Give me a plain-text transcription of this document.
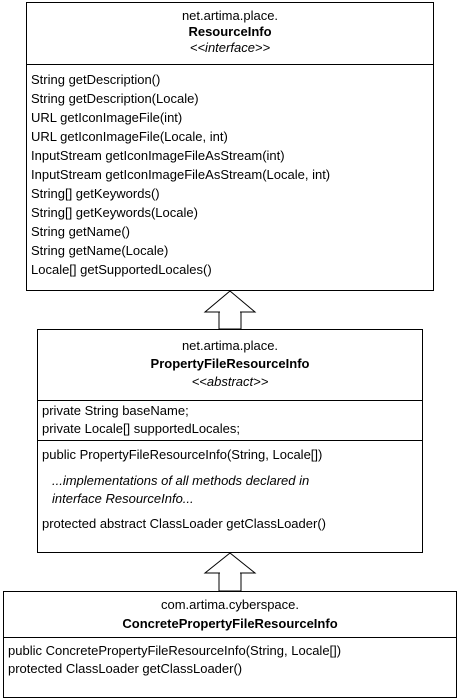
net.artima.place.
ResourceInfo
<<interface>>
String getDescription()
String getDescription(Locale)
URL getIconImageFile(int)
URL getIconImageFile(Locale, int)
InputStream getIconImageFileAsStream(int)
InputStream getIconImageFileAsStream(Locale, int)
String[] getKeywords()
String[] getKeywords(Locale)
String getName()
String getName(Locale)
Locale[] getSupportedLocales()
net.artima.place.
PropertyFileResourceInfo
<<abstract>>
private String baseName;
private Locale[] supportedLocales;
public PropertyFileResourceInfo(String, Locale[])
...implementations of all methods declared in
interface ResourceInfo...
protected abstract ClassLoader getClassLoader()
com.artima.cyberspace.
ConcretePropertyFileResourceInfo
public ConcretePropertyFileResourceInfo(String, Locale[])
protected ClassLoader getClassLoader()
